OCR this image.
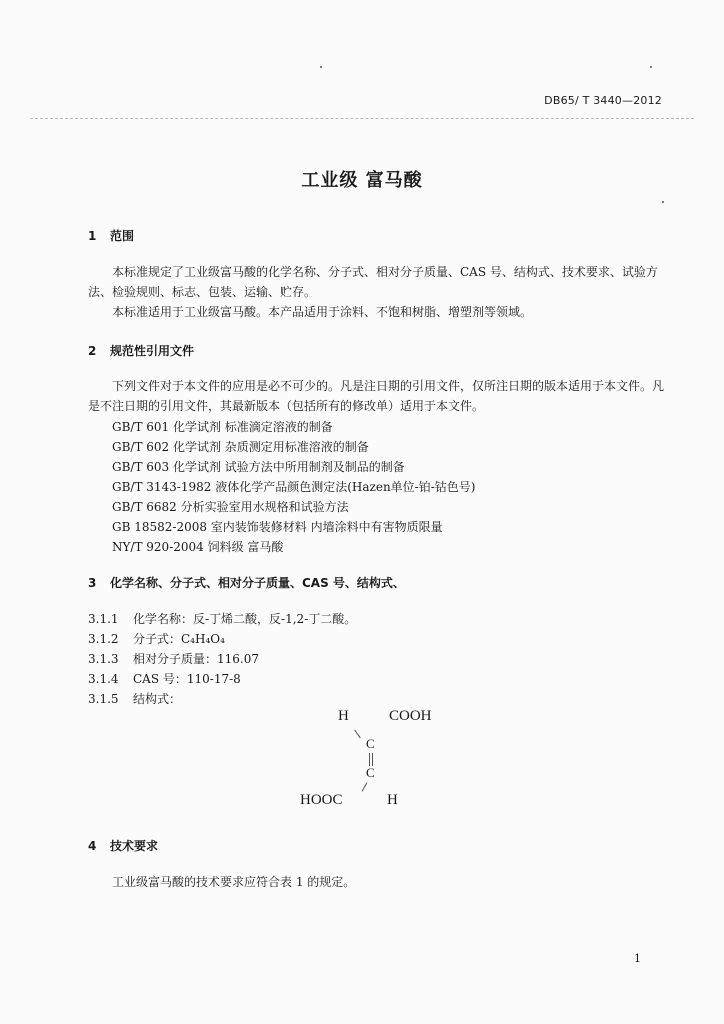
DB65/ T 3440—2012
工业级 富马酸
1 范围

本标准规定了工业级富马酸的化学名称、分子式、相对分子质量、CAS 号、结构式、技术要求、试验方法、检验规则、标志、包装、运输、贮存。

本标准适用于工业级富马酸。本产品适用于涂料、不饱和树脂、增塑剂等领域。

2 规范性引用文件

下列文件对于本文件的应用是必不可少的。凡是注日期的引用文件，仅所注日期的版本适用于本文件。凡是不注日期的引用文件，其最新版本（包括所有的修改单）适用于本文件。

GB/T 601 化学试剂 标准滴定溶液的制备
GB/T 602 化学试剂 杂质测定用标准溶液的制备
GB/T 603 化学试剂 试验方法中所用制剂及制品的制备
GB/T 3143-1982 液体化学产品颜色测定法(Hazen单位-铂-钴色号)
GB/T 6682 分析实验室用水规格和试验方法
GB 18582-2008 室内装饰装修材料 内墙涂料中有害物质限量
NY/T 920-2004 饲料级 富马酸
3 化学名称、分子式、相对分子质量、CAS 号、结构式、
3.1.1 化学名称：反-丁烯二酸，反-1,2-丁二酸。
3.1.2 分子式：C₄H₄O₄
3.1.3 相对分子质量：116.07
3.1.4 CAS 号：110-17-8
3.1.5 结构式：
H	COOH
C
C
HOOC	H
4 技术要求

工业级富马酸的技术要求应符合表 1 的规定。

1
